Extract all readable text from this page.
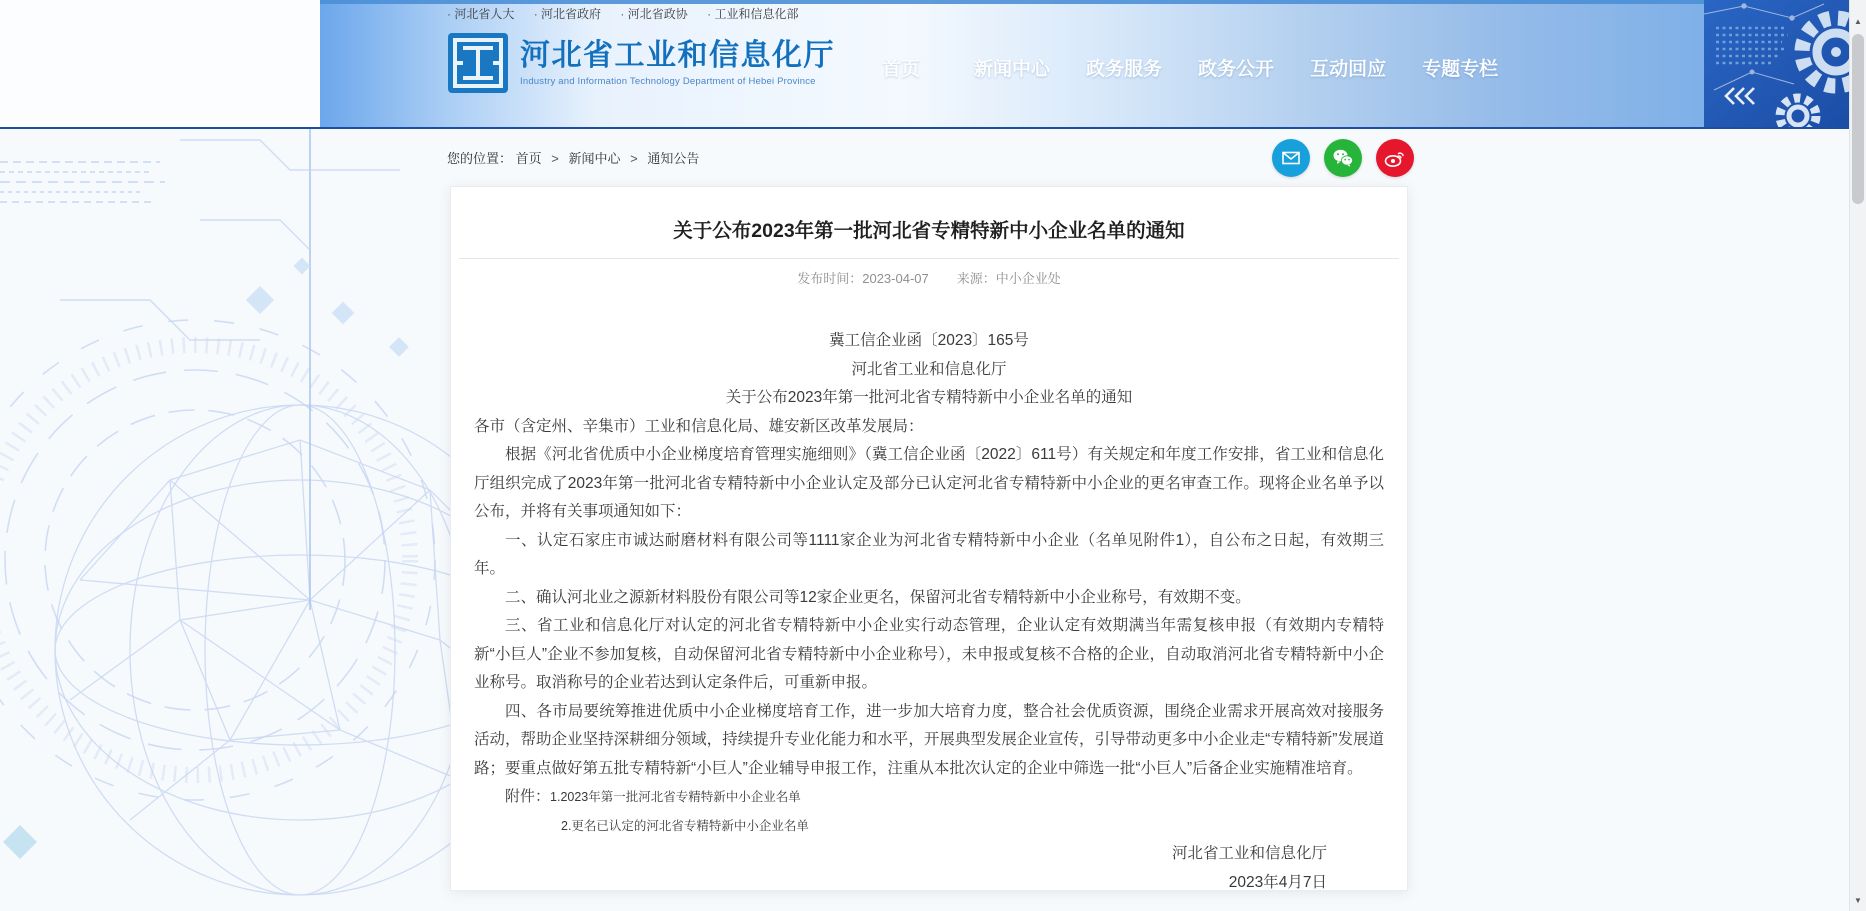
· 河北省人大 · 河北省政府 · 河北省政协 · 工业和信息化部
河北省工业和信息化厅
Industry and Information Technology Department of Hebei Province
首页	新闻中心 政务服务 政务公开 互动回应 专题专栏
您的位置： 首页 > 新闻中心 > 通知公告
关于公布2023年第一批河北省专精特新中小企业名单的通知
发布时间：2023-04-07 来源：中小企业处

冀工信企业函〔2023〕165号

河北省工业和信息化厅

关于公布2023年第一批河北省专精特新中小企业名单的通知

各市（含定州、辛集市）工业和信息化局、雄安新区改革发展局：

根据《河北省优质中小企业梯度培育管理实施细则》（冀工信企业函〔2022〕611号）有关规定和年度工作安排，省工业和信息化厅组织完成了2023年第一批河北省专精特新中小企业认定及部分已认定河北省专精特新中小企业的更名审查工作。现将企业名单予以公布，并将有关事项通知如下：

一、认定石家庄市诚达耐磨材料有限公司等1111家企业为河北省专精特新中小企业（名单见附件1），自公布之日起，有效期三年。

二、确认河北业之源新材料股份有限公司等12家企业更名，保留河北省专精特新中小企业称号，有效期不变。

三、省工业和信息化厅对认定的河北省专精特新中小企业实行动态管理，企业认定有效期满当年需复核申报（有效期内专精特新“小巨人”企业不参加复核，自动保留河北省专精特新中小企业称号），未申报或复核不合格的企业，自动取消河北省专精特新中小企业称号。取消称号的企业若达到认定条件后，可重新申报。

四、各市局要统筹推进优质中小企业梯度培育工作，进一步加大培育力度，整合社会优质资源，围绕企业需求开展高效对接服务活动，帮助企业坚持深耕细分领域，持续提升专业化能力和水平，开展典型发展企业宣传，引导带动更多中小企业走“专精特新”发展道路；要重点做好第五批专精特新“小巨人”企业辅导申报工作，注重从本批次认定的企业中筛选一批“小巨人”后备企业实施精准培育。

附件：1.2023年第一批河北省专精特新中小企业名单
2.更名已认定的河北省专精特新中小企业名单
河北省工业和信息化厅
2023年4月7日
▲
▼
